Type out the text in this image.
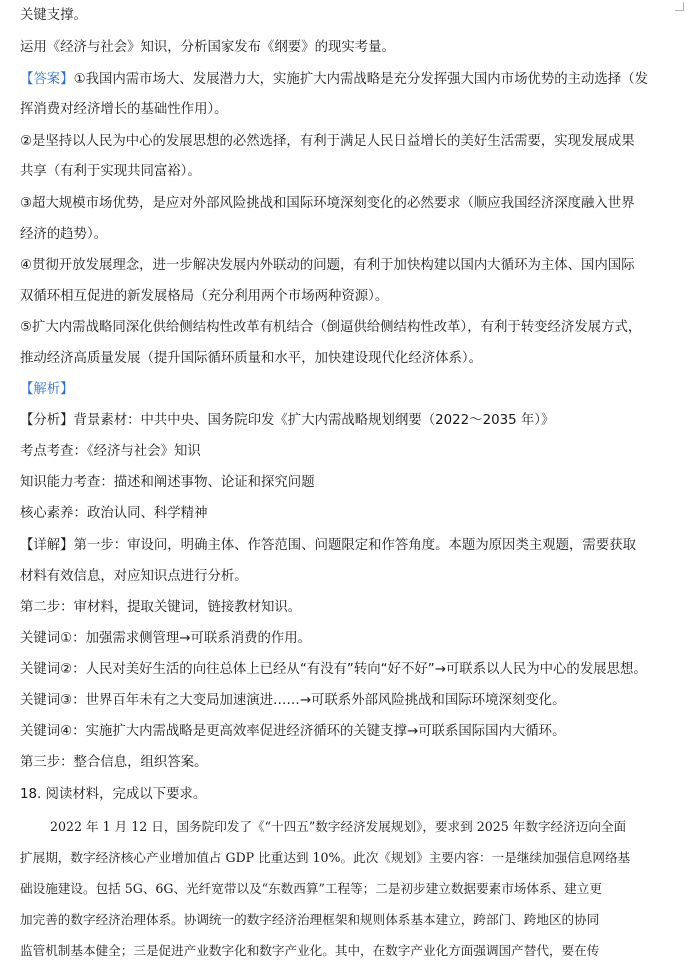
关键支撑。
运用《经济与社会》知识，分析国家发布《纲要》的现实考量。
【答案】①我国内需市场大、发展潜力大，实施扩大内需战略是充分发挥强大国内市场优势的主动选择（发
挥消费对经济增长的基础性作用）。
②是坚持以人民为中心的发展思想的必然选择，有利于满足人民日益增长的美好生活需要，实现发展成果
共享（有利于实现共同富裕）。
③超大规模市场优势，是应对外部风险挑战和国际环境深刻变化的必然要求（顺应我国经济深度融入世界
经济的趋势）。
④贯彻开放发展理念，进一步解决发展内外联动的问题，有利于加快构建以国内大循环为主体、国内国际
双循环相互促进的新发展格局（充分利用两个市场两种资源）。
⑤扩大内需战略同深化供给侧结构性改革有机结合（倒逼供给侧结构性改革），有利于转变经济发展方式，
推动经济高质量发展（提升国际循环质量和水平，加快建设现代化经济体系）。
【解析】
【分析】背景素材：中共中央、国务院印发《扩大内需战略规划纲要（2022～2035 年）》
考点考查：《经济与社会》知识
知识能力考查：描述和阐述事物、论证和探究问题
核心素养：政治认同、科学精神
【详解】第一步：审设问，明确主体、作答范围、问题限定和作答角度。本题为原因类主观题，需要获取
材料有效信息，对应知识点进行分析。
第二步：审材料，提取关键词，链接教材知识。
关键词①：加强需求侧管理→可联系消费的作用。
关键词②：人民对美好生活的向往总体上已经从“有没有”转向“好不好”→可联系以人民为中心的发展思想。
关键词③：世界百年未有之大变局加速演进……→可联系外部风险挑战和国际环境深刻变化。
关键词④：实施扩大内需战略是更高效率促进经济循环的关键支撑→可联系国际国内大循环。
第三步：整合信息，组织答案。
18. 阅读材料，完成以下要求。
2022 年 1 月 12 日，国务院印发了《“十四五”数字经济发展规划》，要求到 2025 年数字经济迈向全面
扩展期，数字经济核心产业增加值占 GDP 比重达到 10%。此次《规划》主要内容：一是继续加强信息网络基
础设施建设。包括 5G、6G、光纤宽带以及“东数西算”工程等；二是初步建立数据要素市场体系、建立更
加完善的数字经济治理体系。协调统一的数字经济治理框架和规则体系基本建立，跨部门、跨地区的协同
监管机制基本健全；三是促进产业数字化和数字产业化。其中，在数字产业化方面强调国产替代，要在传
